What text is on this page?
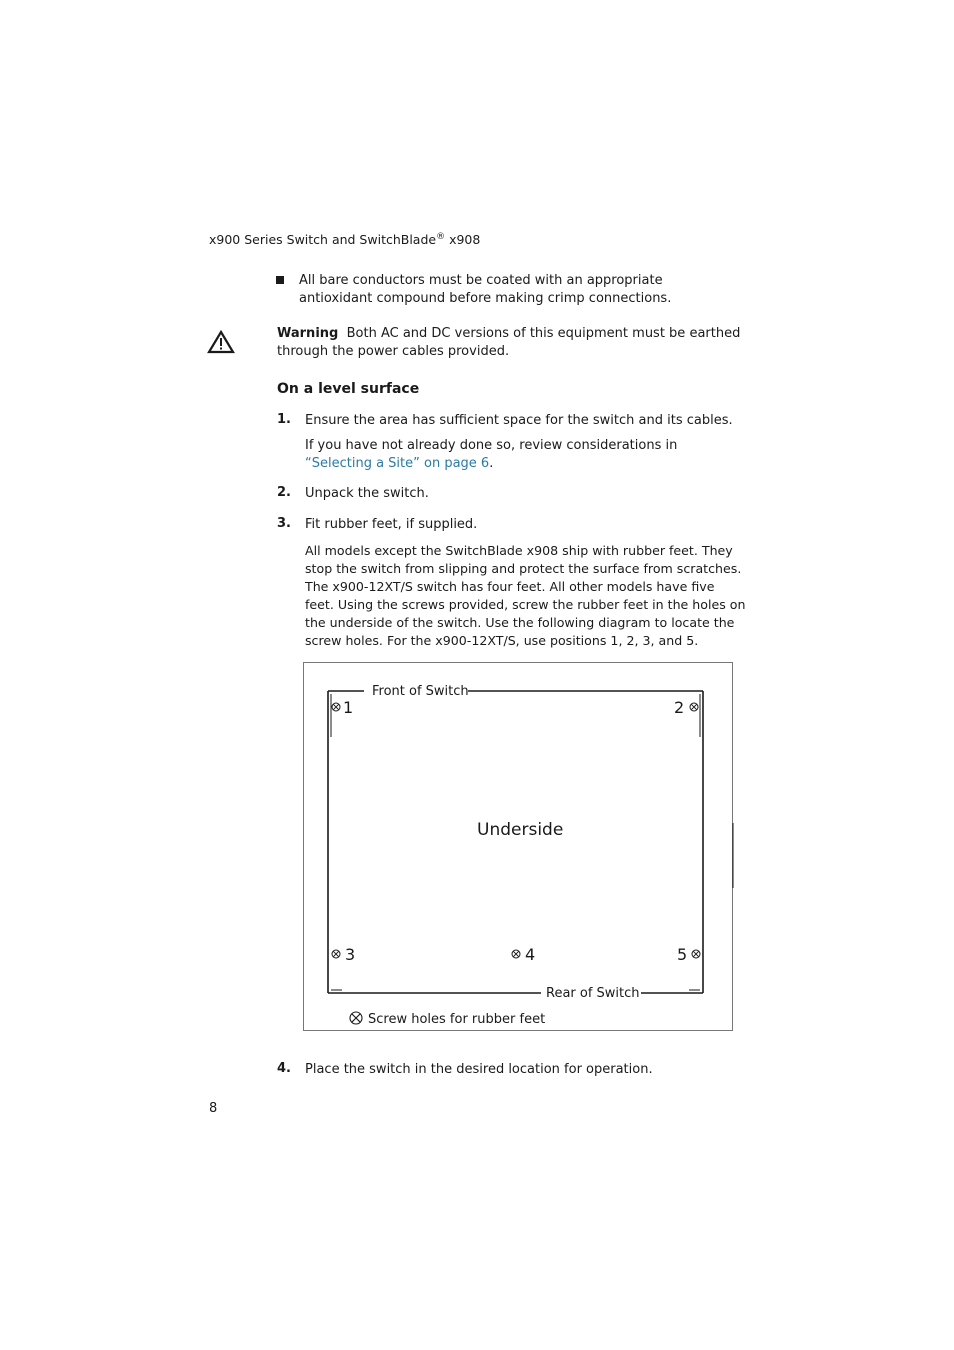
x900 Series Switch and SwitchBlade® x908
All bare conductors must be coated with an appropriate antioxidant compound before making crimp connections.
Warning Both AC and DC versions of this equipment must be earthed through the power cables provided.
On a level surface
1. Ensure the area has sufficient space for the switch and its cables.
If you have not already done so, review considerations in “Selecting a Site” on page 6.
2. Unpack the switch.
3. Fit rubber feet, if supplied.
All models except the SwitchBlade x908 ship with rubber feet. They stop the switch from slipping and protect the surface from scratches. The x900-12XT/S switch has four feet. All other models have five feet. Using the screws provided, screw the rubber feet in the holes on the underside of the switch. Use the following diagram to locate the screw holes. For the x900-12XT/S, use positions 1, 2, 3, and 5.
Front of Switch
Rear of Switch
Underside
1	2
3	4	5
Screw holes for rubber feet
4. Place the switch in the desired location for operation.
8
